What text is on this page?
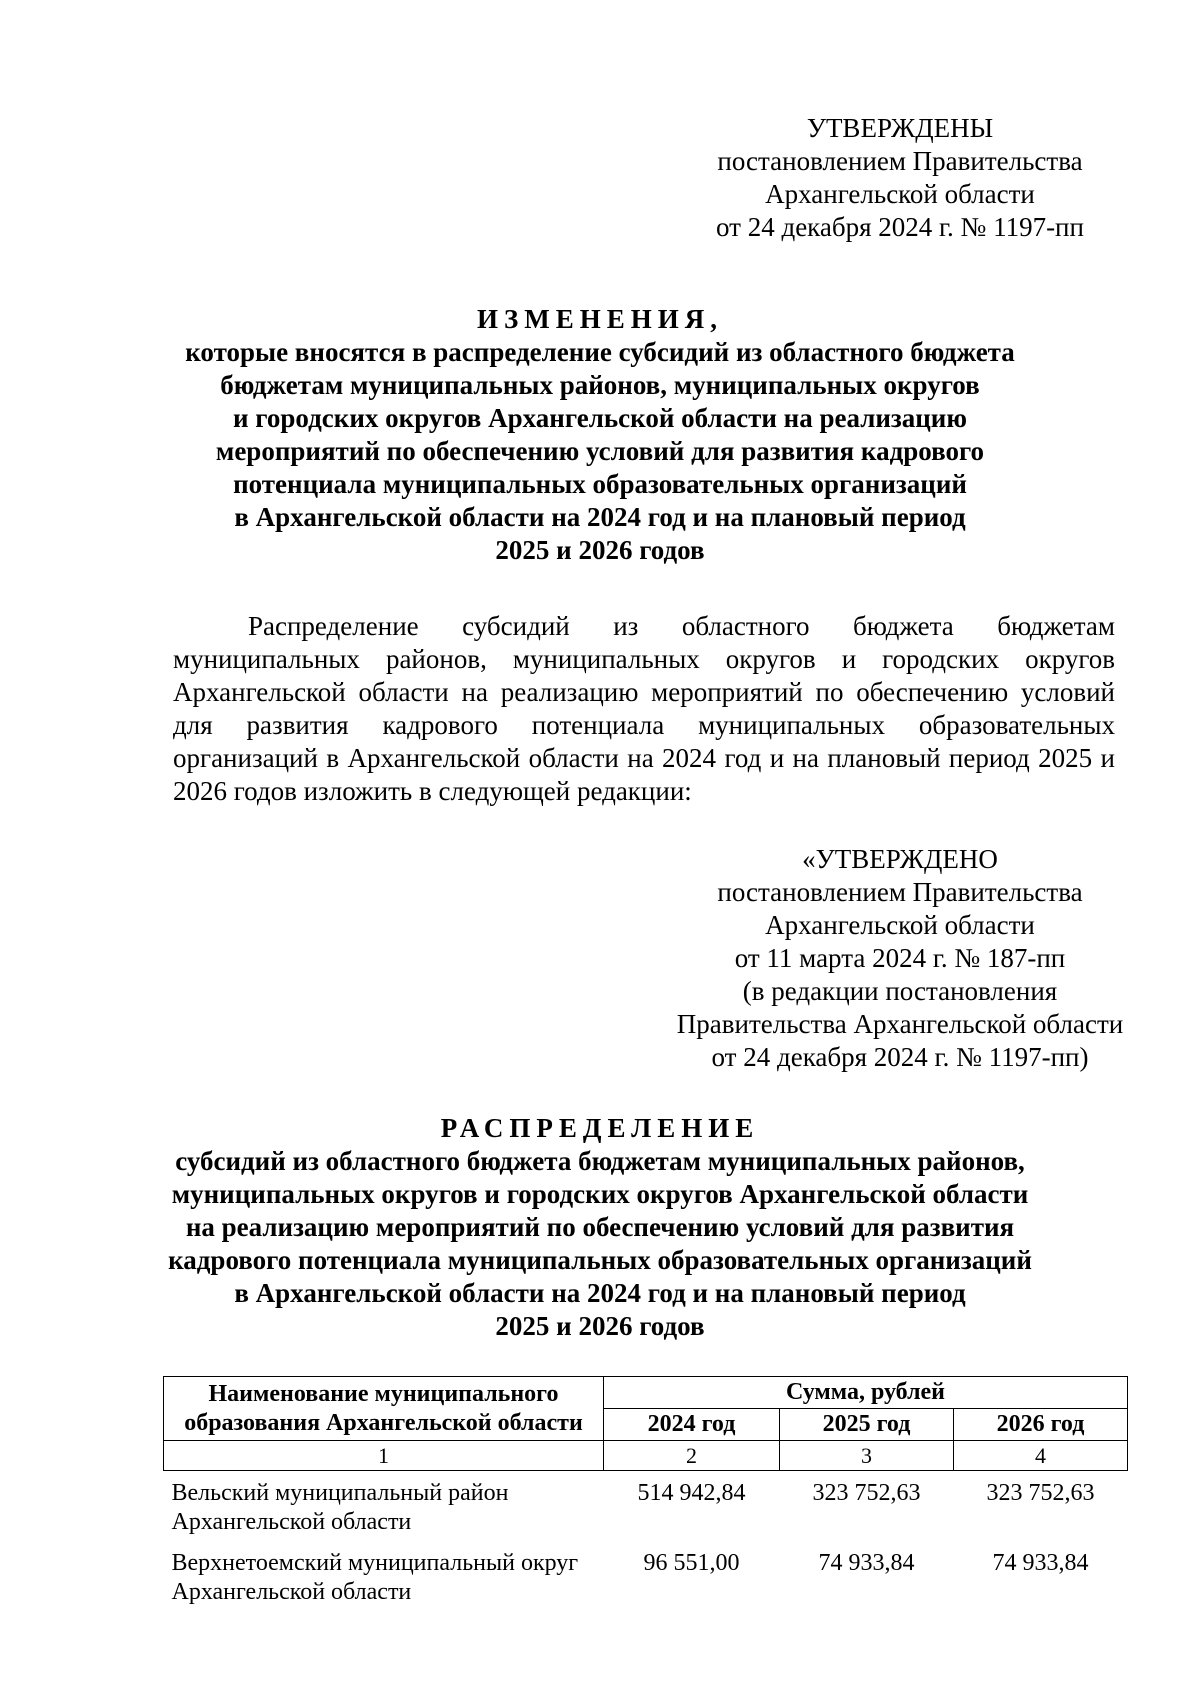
УТВЕРЖДЕНЫ
постановлением Правительства
Архангельской области
от 24 декабря 2024 г. № 1197-пп
ИЗМЕНЕНИЯ,
которые вносятся в распределение субсидий из областного бюджета
бюджетам муниципальных районов, муниципальных округов
и городских округов Архангельской области на реализацию
мероприятий по обеспечению условий для развития кадрового
потенциала муниципальных образовательных организаций
в Архангельской области на 2024 год и на плановый период
2025 и 2026 годов
Распределение субсидий из областного бюджета бюджетам муниципальных районов, муниципальных округов и городских округов Архангельской области на реализацию мероприятий по обеспечению условий для развития кадрового потенциала муниципальных образовательных организаций в Архангельской области на 2024 год и на плановый период 2025 и 2026 годов изложить в следующей редакции:
«УТВЕРЖДЕНО
постановлением Правительства
Архангельской области
от 11 марта 2024 г. № 187-пп
(в редакции постановления
Правительства Архангельской области
от 24 декабря 2024 г. № 1197-пп)
РАСПРЕДЕЛЕНИЕ
субсидий из областного бюджета бюджетам муниципальных районов,
муниципальных округов и городских округов Архангельской области
на реализацию мероприятий по обеспечению условий для развития
кадрового потенциала муниципальных образовательных организаций
в Архангельской области на 2024 год и на плановый период
2025 и 2026 годов
Наименование муниципального
образования Архангельской области	Сумма, рублей		
	2024 год	2025 год	2026 год
1	2	3	4

Вельский муниципальный район
Архангельской области	514 942,84	323 752,63	323 752,63

Верхнетоемский муниципальный округ
Архангельской области	96 551,00	74 933,84	74 933,84
